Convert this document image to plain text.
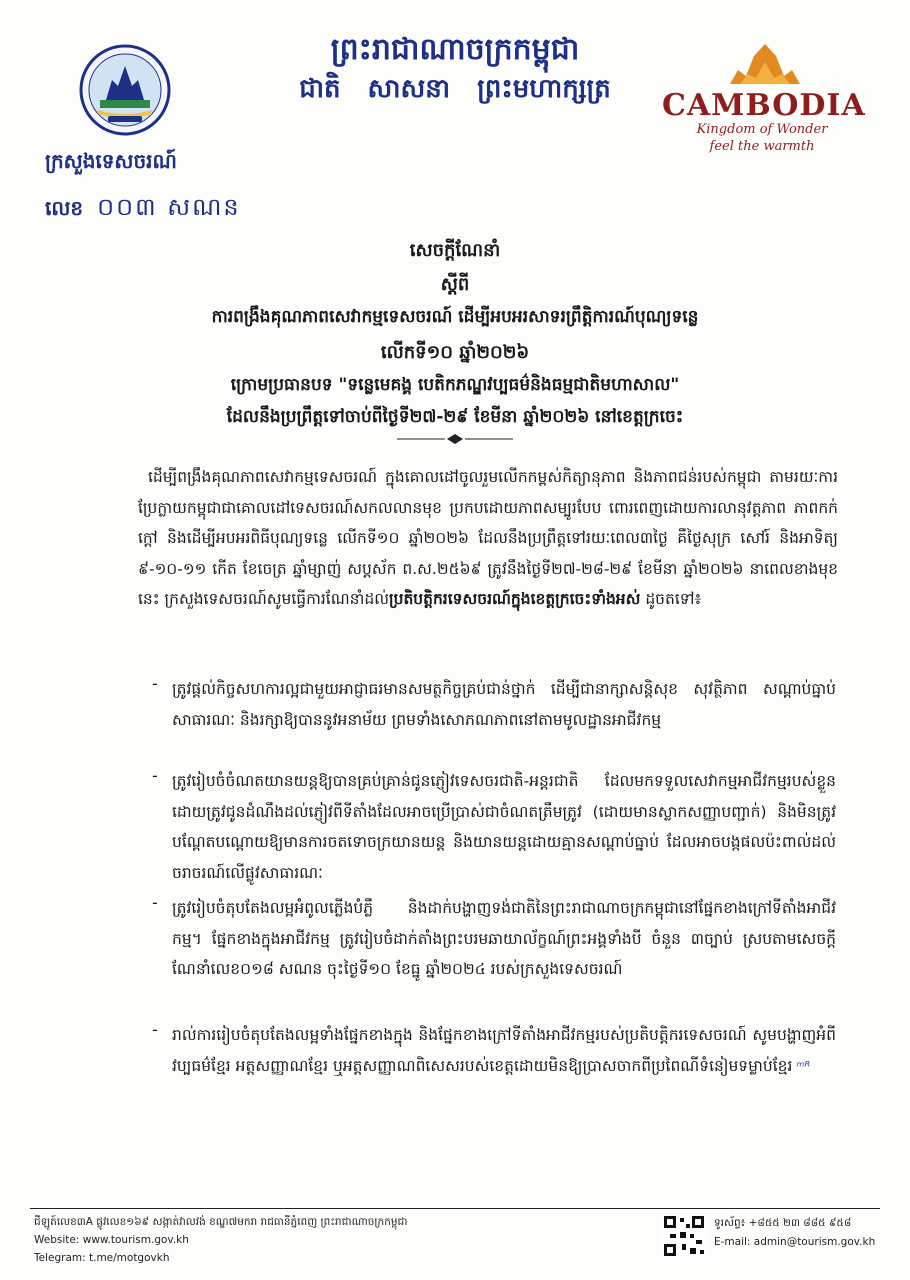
ព្រះរាជាណាចក្រកម្ពុជា
ជាតិ សាសនា ព្រះមហាក្សត្រ
ក្រសួងទេសចរណ៍
លេខ ០០៣ សណន
CAMBODIA
Kingdom of Wonder
feel the warmth
សេចក្ដីណែនាំ
ស្ដីពី
ការពង្រឹងគុណភាពសេវាកម្មទេសចរណ៍ ដើម្បីអបអរសាទរព្រឹត្តិការណ៍បុណ្យទន្លេ
លើកទី១០ ឆ្នាំ២០២៦
ក្រោមប្រធានបទ "ទន្លេមេគង្គ បេតិកភណ្ឌវប្បធម៌និងធម្មជាតិមហាសាល"
ដែលនឹងប្រព្រឹត្តទៅចាប់ពីថ្ងៃទី២៧-២៩ ខែមីនា ឆ្នាំ២០២៦ នៅខេត្តក្រចេះ
ដើម្បីពង្រឹងគុណភាពសេវាកម្មទេសចរណ៍ ក្នុងគោលដៅចូលរួមលើកកម្ពស់កិត្យានុភាព និងភាពជន់របស់កម្ពុជា តាមរយៈការប្រែក្លាយកម្ពុជាជាគោលដៅទេសចរណ៍សកលលានមុខ ប្រកបដោយភាពសម្បូរបែប ពោរពេញដោយការលានុវត្តភាព ភាពកក់ក្ដៅ និងដើម្បីអបអរពិធីបុណ្យទន្លេ លើកទី១០ ឆ្នាំ២០២៦ ដែលនឹងប្រព្រឹត្តទៅរយៈពេល៣ថ្ងៃ គឺថ្ងៃសុក្រ សៅរ៍ និងអាទិត្យ ៩-១០-១១ កើត ខែចេត្រ ឆ្នាំម្សាញ់ សប្តស័ក ព.ស.២៥៦៩ ត្រូវនឹងថ្ងៃទី២៧-២៨-២៩ ខែមីនា ឆ្នាំ២០២៦ នាពេលខាងមុខនេះ ក្រសួងទេសចរណ៍សូមធ្វើការណែនាំដល់ប្រតិបត្តិករទេសចរណ៍ក្នុងខេត្តក្រចេះទាំងអស់ ដូចតទៅ៖
- ត្រូវផ្ដល់កិច្ចសហការល្អជាមួយអាជ្ញាធរមានសមត្ថកិច្ចគ្រប់ជាន់ថ្នាក់ ដើម្បីជានាក្សាសន្តិសុខ សុវត្ថិភាព សណ្ដាប់ធ្នាប់សាធារណៈ និងរក្សាឱ្យបាននូវអនាម័យ ព្រមទាំងសោភណភាពនៅតាមមូលដ្ឋានអាជីវកម្ម
- ត្រូវរៀបចំចំណតយានយន្ដឱ្យបានគ្រប់គ្រាន់ជូនភ្ញៀវទេសចរជាតិ-អន្តរជាតិ ដែលមកទទួលសេវាកម្មអាជីវកម្មរបស់ខ្លួន ដោយត្រូវជូនដំណឹងដល់ភ្ញៀវពីទីតាំងដែលអាចប្រើប្រាស់ជាចំណតត្រឹមត្រូវ (ដោយមានស្លាកសញ្ញាបញ្ជាក់) និងមិនត្រូវបណ្ដែតបណ្ដោយឱ្យមានការចតទោចក្រយានយន្ត និងយានយន្តដោយគ្មានសណ្ដាប់ធ្នាប់ ដែលអាចបង្កផលប៉ះពាល់ដល់ចរាចរណ៍លើផ្លូវសាធារណៈ
- ត្រូវរៀបចំតុបតែងលម្អអំពូលភ្លើងបំភ្លឺ និងដាក់បង្ហាញទង់ជាតិនៃព្រះរាជាណាចក្រកម្ពុជានៅផ្នែកខាងក្រៅទីតាំងអាជីវកម្ម។ ផ្នែកខាងក្នុងអាជីវកម្ម ត្រូវរៀបចំដាក់តាំងព្រះបរមឆាយាល័ក្ខណ៍ព្រះអង្គទាំងបី ចំនួន ៣ច្បាប់ ស្របតាមសេចក្ដីណែនាំលេខ០១៨ សណន ចុះថ្ងៃទី១០ ខែធ្នូ ឆ្នាំ២០២៤ របស់ក្រសួងទេសចរណ៍
- រាល់ការរៀបចំតុបតែងលម្អទាំងផ្នែកខាងក្នុង និងផ្នែកខាងក្រៅទីតាំងអាជីវកម្មរបស់ប្រតិបត្តិករទេសចរណ៍ សូមបង្ហាញអំពីវប្បធម៌ខ្មែរ អត្តសញ្ញាណខ្មែរ ឬអត្តសញ្ញាណពិសេសរបស់ខេត្តដោយមិនឱ្យប្រាសចាកពីប្រពៃណីទំនៀមទម្លាប់ខ្មែរ ᵐᴿ
ជីឡូត៍លេខ៣A ផ្លូវលេខ១៦៩ សង្កាត់វាលវង់ ខណ្ឌ៧មករា រាជធានីភ្នំពេញ ព្រះរាជាណាចក្រកម្ពុជា
Website: www.tourism.gov.kh
Telegram: t.me/motgovkh
ទូរស័ព្ទ៖ +៨៥៥ ២៣ ៨៨៥ ៩៥៨
E-mail: admin@tourism.gov.kh
